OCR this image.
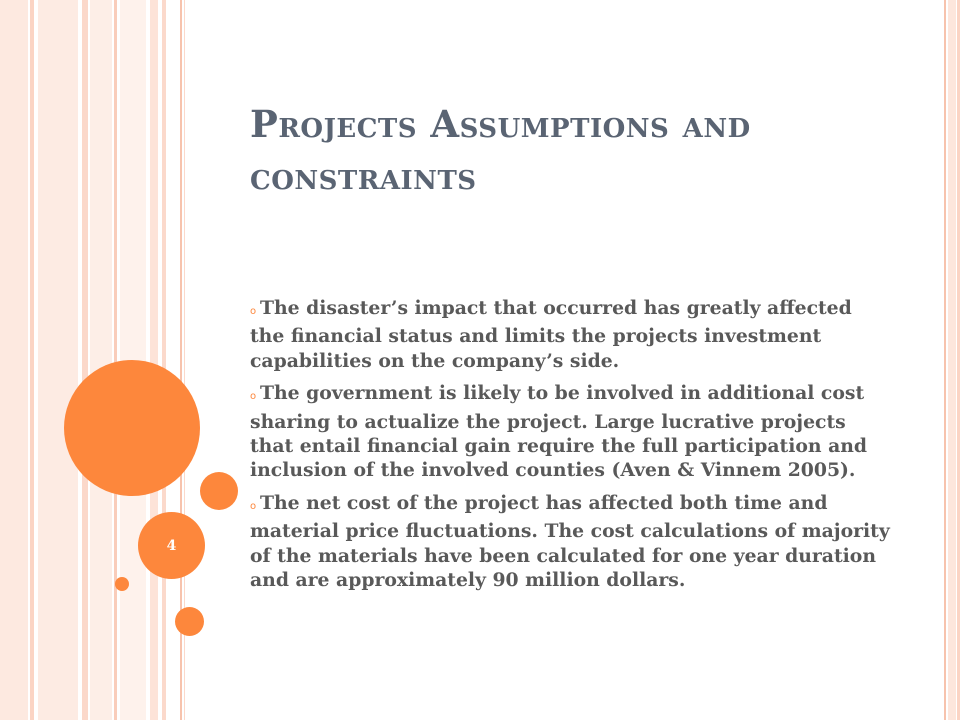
4
Projects Assumptions and constraints
o The disaster’s impact that occurred has greatly affected the financial status and limits the projects investment capabilities on the company’s side.
o The government is likely to be involved in additional cost sharing to actualize the project. Large lucrative projects that entail financial gain require the full participation and inclusion of the involved counties (Aven & Vinnem 2005).
o The net cost of the project has affected both time and material price fluctuations. The cost calculations of majority of the materials have been calculated for one year duration and are approximately 90 million dollars.
